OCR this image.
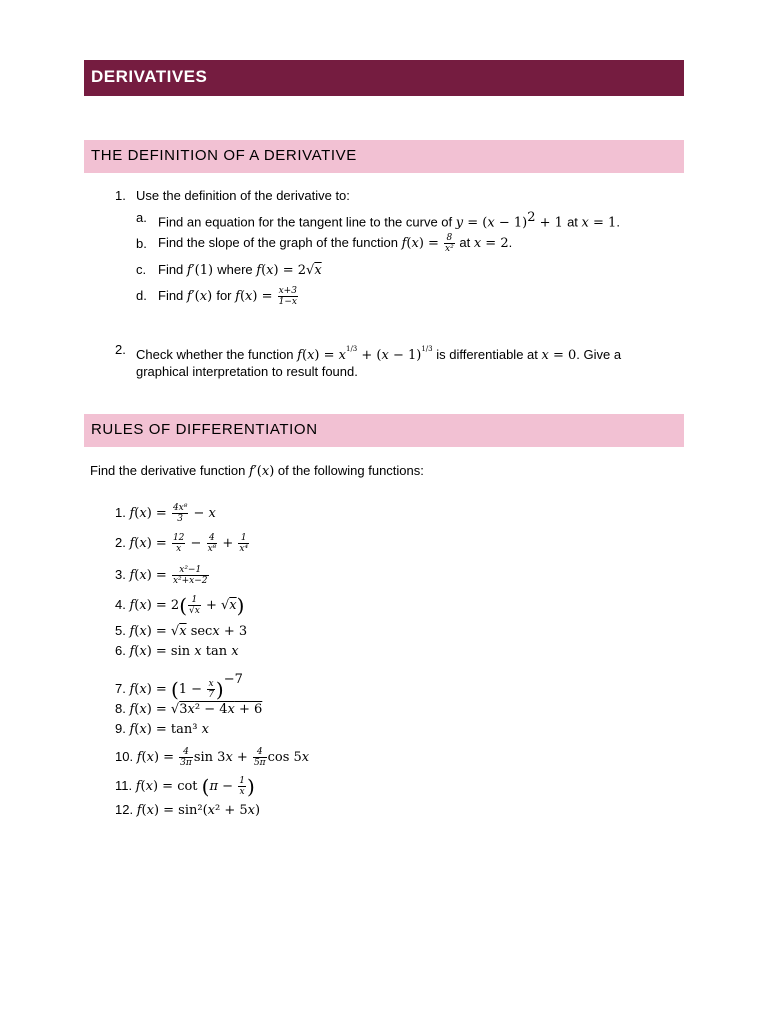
DERIVATIVES
THE DEFINITION OF A DERIVATIVE
1. Use the definition of the derivative to:
a. Find an equation for the tangent line to the curve of $y = (x - 1)^2 + 1$ at x = 1.
b. Find the slope of the graph of the function $f(x) = \frac{8}{\text{x²}}$ at x = 2.
c. Find f′(1) where f(x) = 2√x
d. Find f′(x) for $f(x) = \frac{x+3}{1-x}$
2. Check whether the function $f(x) = x^{1/3} + (x - 1)^{1/3}$ is differentiable at x = 0. Give a
graphical interpretation to result found.
RULES OF DIFFERENTIATION
Find the derivative function f′(x) of the following functions:
1. $f(x) = \frac{\text{4x⁸}}{3} - x$
2. $f(x) = \frac{12}{x} - \frac{4}{\text{x⁸}} + \frac{1}{\text{x⁴}}$
3. $f(x) = \frac{\text{x²−1}}{\text{x²+x−2}}$
4. $f(x) = 2( \frac{1}{√x} + √x)$
5. f(x) = √x secx + 3
6. f(x) = sin x tan x
7. $f(x) = (1 - \frac{x}{7} )^{-7}$
8. f(x) = √3x² − 4x + 6
9. f(x) = tan³ x
10. $f(x) = \frac{4}{3\pi}$ $\sin 3x + \frac{4}{5\pi}$ cos 5x
11. $f(x) = \cot (\pi - \frac{1}{x}$ )
12. f(x) = sin²(x² + 5x)
